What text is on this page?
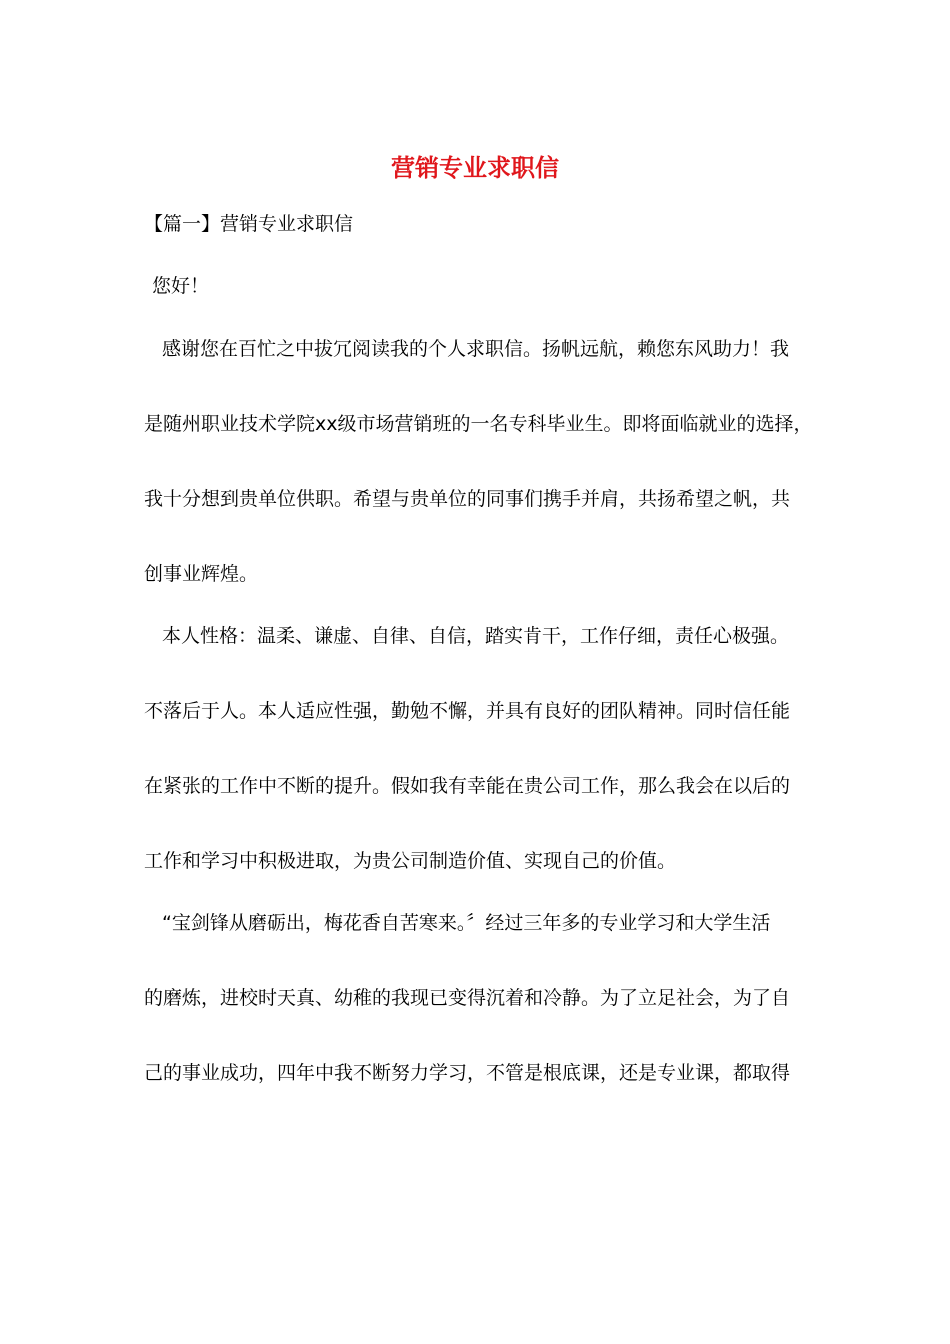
营销专业求职信

【篇一】营销专业求职信

您好！

感谢您在百忙之中拔冗阅读我的个人求职信。扬帆远航，赖您东风助力！我

是随州职业技术学院xx级市场营销班的一名专科毕业生。即将面临就业的选择，

我十分想到贵单位供职。希望与贵单位的同事们携手并肩，共扬希望之帆，共

创事业辉煌。

本人性格：温柔、谦虚、自律、自信，踏实肯干，工作仔细，责任心极强。

不落后于人。本人适应性强，勤勉不懈，并具有良好的团队精神。同时信任能

在紧张的工作中不断的提升。假如我有幸能在贵公司工作，那么我会在以后的

工作和学习中积极进取，为贵公司制造价值、实现自己的价值。

“宝剑锋从磨砺出，梅花香自苦寒来。〞经过三年多的专业学习和大学生活

的磨炼，进校时天真、幼稚的我现已变得沉着和冷静。为了立足社会，为了自

己的事业成功，四年中我不断努力学习，不管是根底课，还是专业课，都取得
